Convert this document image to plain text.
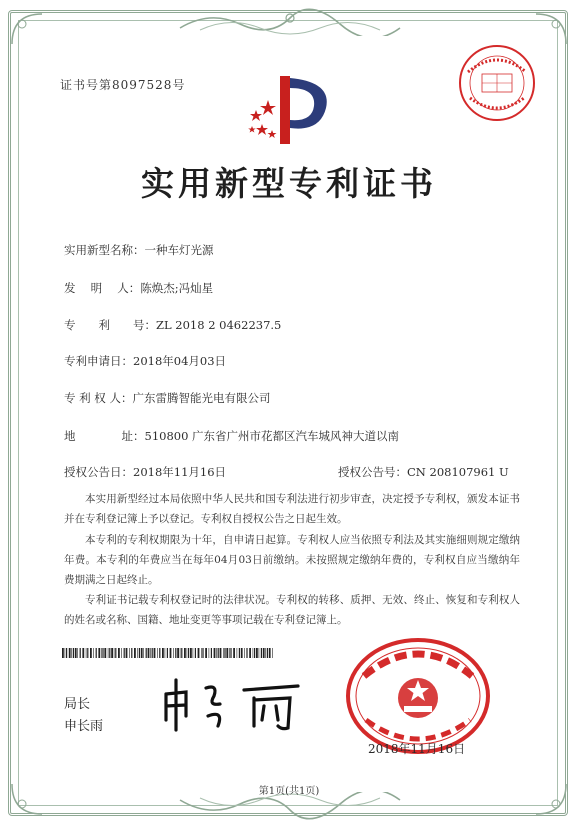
证书号第8097528号
实用新型专利证书
实用新型名称：一种车灯光源
发　 明　 人：陈焕杰;冯灿星
专　　利　　号：ZL 2018 2 0462237.5
专利申请日：2018年04月03日
专 利 权 人：广东雷腾智能光电有限公司
地　　　　址：510800 广东省广州市花都区汽车城风神大道以南
授权公告日：2018年11月16日	授权公告号：CN 208107961 U
本实用新型经过本局依照中华人民共和国专利法进行初步审查，决定授予专利权，颁发本证书并在专利登记簿上予以登记。专利权自授权公告之日起生效。
本专利的专利权期限为十年，自申请日起算。专利权人应当依照专利法及其实施细则规定缴纳年费。本专利的年费应当在每年04月03日前缴纳。未按照规定缴纳年费的，专利权自应当缴纳年费期满之日起终止。
专利证书记载专利权登记时的法律状况。专利权的转移、质押、无效、终止、恢复和专利权人的姓名或名称、国籍、地址变更等事项记载在专利登记簿上。
局长
申长雨
2018年11月16日
第1页(共1页)
